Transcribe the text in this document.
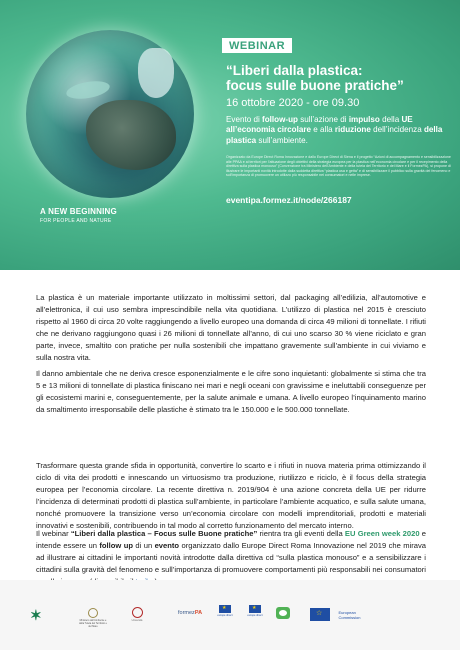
A NEW BEGINNING
FOR PEOPLE AND NATURE
WEBINAR
“Liberi dalla plastica:
focus sulle buone pratiche”
16 ottobre 2020 - ore 09.30
Evento di follow-up sull’azione di impulso della UE all’economia circolare e alla riduzione dell’incidenza della plastica sull’ambiente.
Organizzato da Europe Direct Roma Innovazione e dallo Europe Direct di Siena e il progetto “Azioni di accompagnamento e sensibilizzazione alle PPAA e ai territori per l’attuazione degli obiettivi della strategia europea per la plastica nell’economia circolare e per il recepimento della direttiva sulla plastica monouso” (Convenzione tra Ministero dell’Ambiente e della tutela del Territorio e del Mare e il FormezPA), si propone di illustrare le importanti novità introdotte dalla suddetta direttiva “plastica usa e getta” e di sensibilizzare il pubblico sulla gravità del fenomeno e sull’importanza di promuovere un utilizzo più responsabile nei consumatori e nelle imprese.
eventipa.formez.it/node/266187
La plastica è un materiale importante utilizzato in moltissimi settori, dal packaging all’edilizia, all’automotive e all’elettronica, il cui uso sembra imprescindibile nella vita quotidiana. L’utilizzo di plastica nel 2015 è cresciuto rispetto al 1960 di circa 20 volte raggiungendo a livello europeo una domanda di circa 49 milioni di tonnellate. I rifiuti che ne derivano raggiungono quasi i 26 milioni di tonnellate all’anno, di cui uno scarso 30 % viene riciclato e gran parte, invece, smaltito con pratiche per nulla sostenibili che impattano gravemente sull’ambiente in cui viviamo e sulla nostra vita.
Il danno ambientale che ne deriva cresce esponenzialmente e le cifre sono inquietanti: globalmente si stima che tra 5 e 13 milioni di tonnellate di plastica finiscano nei mari e negli oceani con gravissime e ineluttabili conseguenze per gli ecosistemi marini e, conseguentemente, per la salute animale e umana. A livello europeo l’inquinamento marino da smaltimento irresponsabile delle plastiche è stimato tra le 150.000 e le 500.000 tonnellate.
Trasformare questa grande sfida in opportunità, convertire lo scarto e i rifiuti in nuova materia prima ottimizzando il ciclo di vita dei prodotti e innescando un virtuosismo tra produzione, riutilizzo e riciclo, è il focus della strategia europea per l’economia circolare. La recente direttiva n. 2019/904 è una azione concreta della UE per ridurre l’incidenza di determinati prodotti di plastica sull’ambiente, in particolare l’ambiente acquatico, e sulla salute umana, nonché promuovere la transizione verso un’economia circolare con modelli imprenditoriali, prodotti e materiali innovativi e sostenibili, contribuendo in tal modo al corretto funzionamento del mercato interno.
Il webinar “Liberi dalla plastica – Focus sulle Buone pratiche” rientra tra gli eventi della EU Green week 2020 e intende essere un follow up di un evento organizzato dallo Europe Direct Roma Innovazione nel 2019 che mirava ad illustrare ai cittadini le importanti novità introdotte dalla direttiva cd “sulla plastica monouso” e a sensibilizzare i cittadini sulla gravità del fenomeno e sull’importanza di promuovere comportamenti più responsabili nei consumatori
✶	Ministero dell’Ambiente e della Tutela del Territorio e del Mare
Università
formezPA
★	europe direct
★	europe direct
☆ European
Commission
